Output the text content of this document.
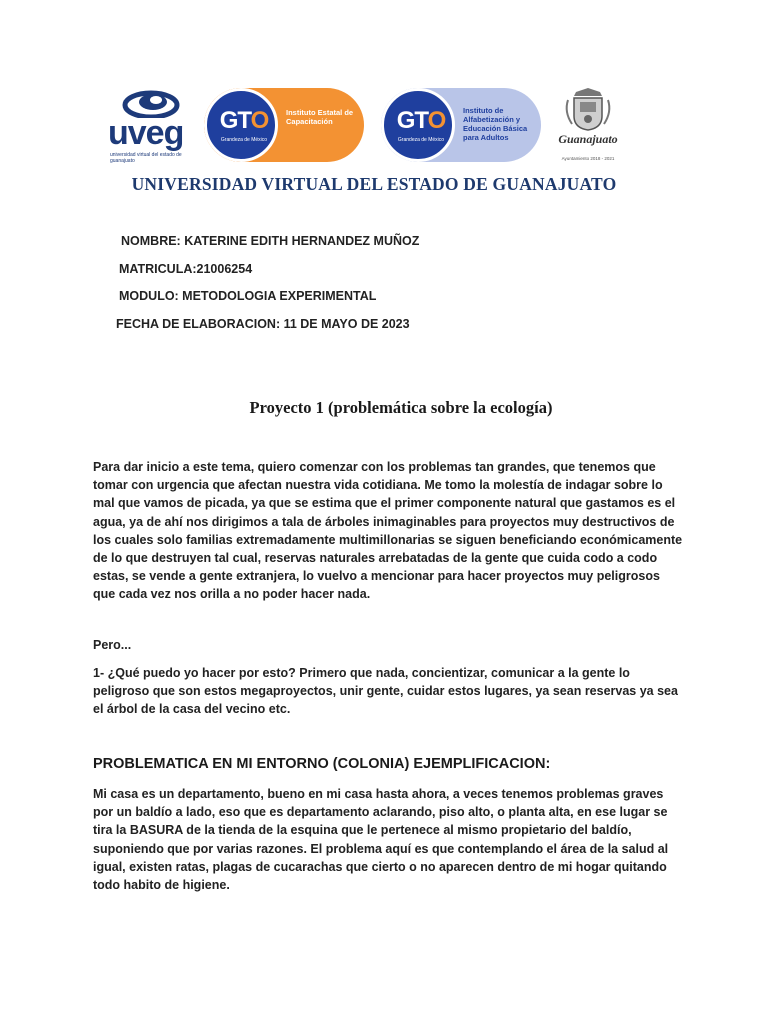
uveg
universidad virtual del estado de guanajuato
GTO
Grandeza de México
Instituto Estatal de Capacitación	GTO
Grandeza de México
Instituto de Alfabetización y Educación Básica para Adultos	Guanajuato
Ayuntamiento 2018 - 2021
UNIVERSIDAD VIRTUAL DEL ESTADO DE GUANAJUATO
NOMBRE: KATERINE EDITH HERNANDEZ MUÑOZ
MATRICULA:21006254
MODULO: METODOLOGIA EXPERIMENTAL
FECHA DE ELABORACION: 11 DE MAYO DE 2023
Proyecto 1 (problemática sobre la ecología)
Para dar inicio a este tema, quiero comenzar con los problemas tan grandes, que tenemos que tomar con urgencia que afectan nuestra vida cotidiana. Me tomo la molestía de indagar sobre lo mal que vamos de picada, ya que se estima que el primer componente natural que gastamos es el agua, ya de ahí nos dirigimos a tala de árboles inimaginables para proyectos muy destructivos de los cuales solo familias extremadamente multimillonarias se siguen beneficiando económicamente de lo que destruyen tal cual, reservas naturales arrebatadas de la gente que cuida codo a codo estas, se vende a gente extranjera, lo vuelvo a mencionar para hacer proyectos muy peligrosos que cada vez nos orilla a no poder hacer nada.
Pero...
1- ¿Qué puedo yo hacer por esto? Primero que nada, concientizar, comunicar a la gente lo peligroso que son estos megaproyectos, unir gente, cuidar estos lugares, ya sean reservas ya sea el árbol de la casa del vecino etc.
PROBLEMATICA EN MI ENTORNO (COLONIA) EJEMPLIFICACION:
Mi casa es un departamento, bueno en mi casa hasta ahora, a veces tenemos problemas graves por un baldío a lado, eso que es departamento aclarando, piso alto, o planta alta, en ese lugar se tira la BASURA de la tienda de la esquina que le pertenece al mismo propietario del baldío, suponiendo que por varias razones. El problema aquí es que contemplando el área de la salud al igual, existen ratas, plagas de cucarachas que cierto o no aparecen dentro de mi hogar quitando todo habito de higiene.
